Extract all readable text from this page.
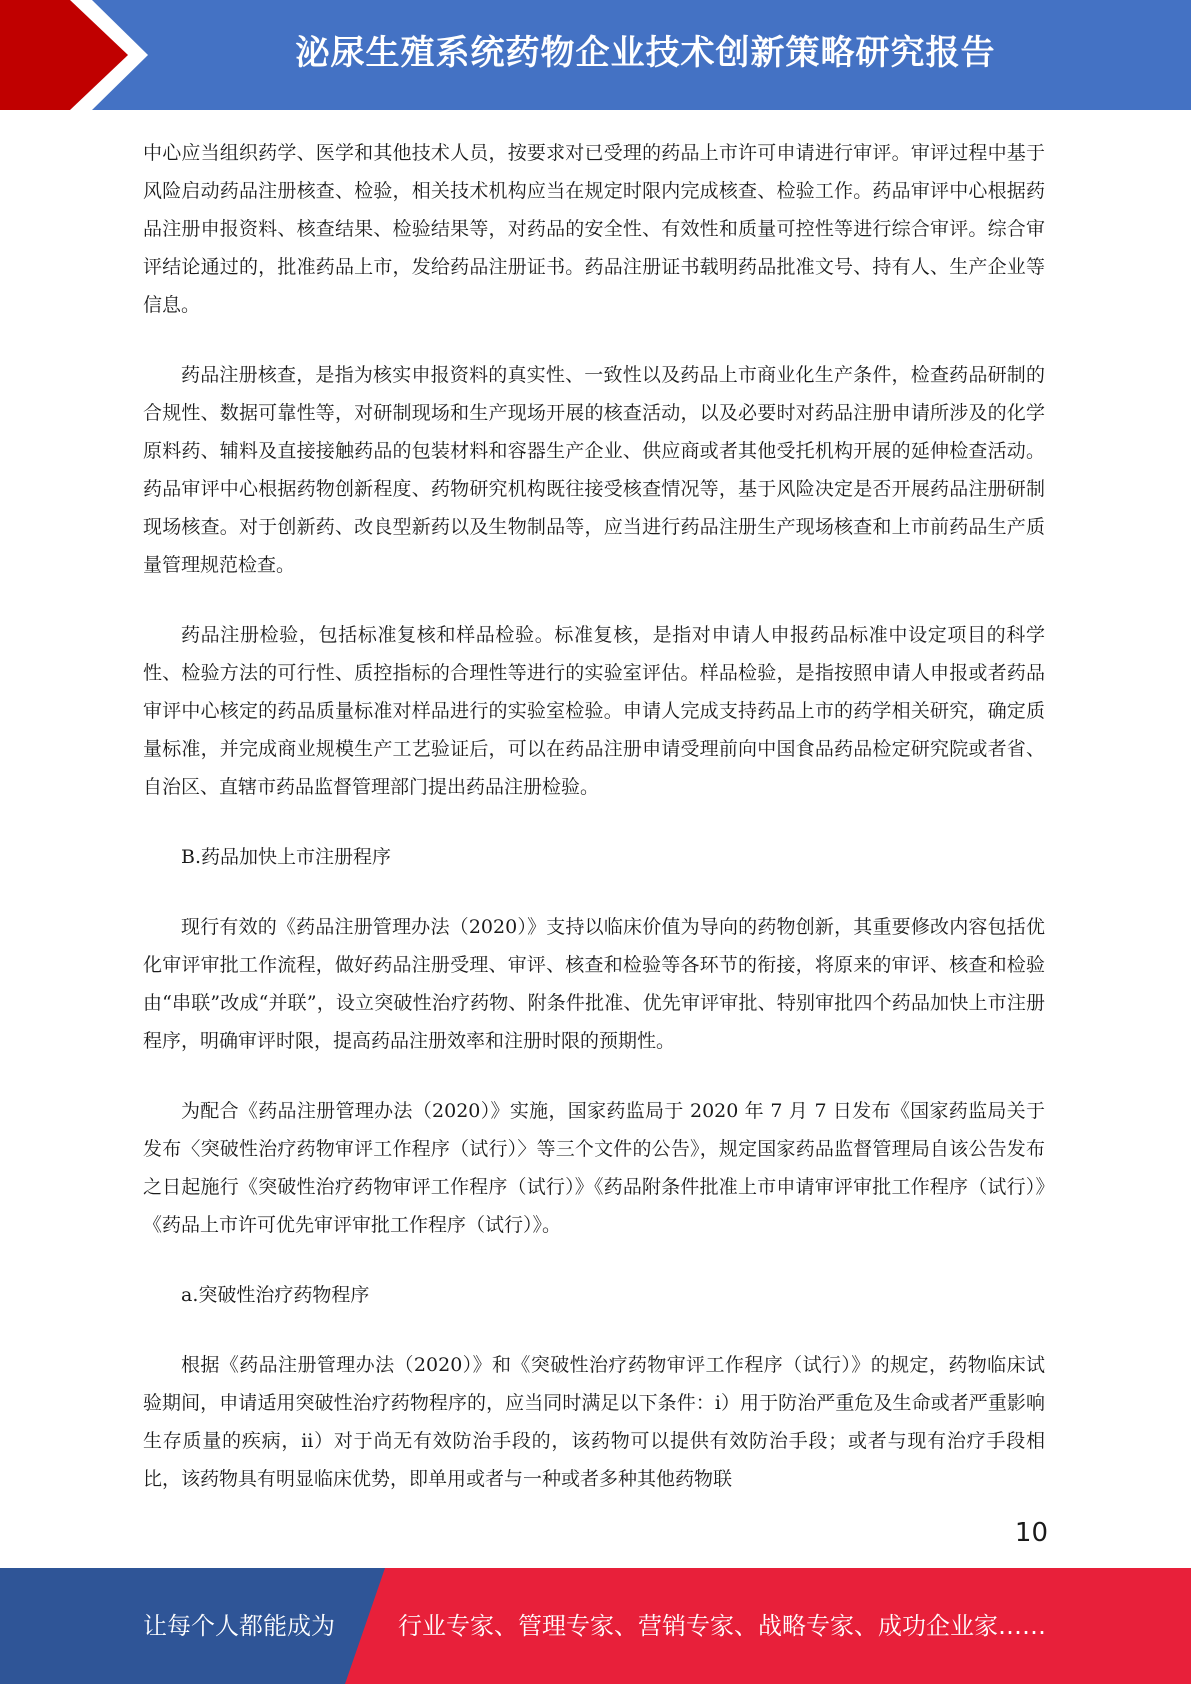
泌尿生殖系统药物企业技术创新策略研究报告

中心应当组织药学、医学和其他技术人员，按要求对已受理的药品上市许可申请进行审评。审评过程中基于风险启动药品注册核查、检验，相关技术机构应当在规定时限内完成核查、检验工作。药品审评中心根据药品注册申报资料、核查结果、检验结果等，对药品的安全性、有效性和质量可控性等进行综合审评。综合审评结论通过的，批准药品上市，发给药品注册证书。药品注册证书载明药品批准文号、持有人、生产企业等信息。

药品注册核查，是指为核实申报资料的真实性、一致性以及药品上市商业化生产条件，检查药品研制的合规性、数据可靠性等，对研制现场和生产现场开展的核查活动，以及必要时对药品注册申请所涉及的化学原料药、辅料及直接接触药品的包装材料和容器生产企业、供应商或者其他受托机构开展的延伸检查活动。药品审评中心根据药物创新程度、药物研究机构既往接受核查情况等，基于风险决定是否开展药品注册研制现场核查。对于创新药、改良型新药以及生物制品等，应当进行药品注册生产现场核查和上市前药品生产质量管理规范检查。

药品注册检验，包括标准复核和样品检验。标准复核，是指对申请人申报药品标准中设定项目的科学性、检验方法的可行性、质控指标的合理性等进行的实验室评估。样品检验，是指按照申请人申报或者药品审评中心核定的药品质量标准对样品进行的实验室检验。申请人完成支持药品上市的药学相关研究，确定质量标准，并完成商业规模生产工艺验证后，可以在药品注册申请受理前向中国食品药品检定研究院或者省、自治区、直辖市药品监督管理部门提出药品注册检验。

B.药品加快上市注册程序

现行有效的《药品注册管理办法（2020）》支持以临床价值为导向的药物创新，其重要修改内容包括优化审评审批工作流程，做好药品注册受理、审评、核查和检验等各环节的衔接，将原来的审评、核查和检验由“串联”改成“并联”，设立突破性治疗药物、附条件批准、优先审评审批、特别审批四个药品加快上市注册程序，明确审评时限，提高药品注册效率和注册时限的预期性。

为配合《药品注册管理办法（2020）》实施，国家药监局于 2020 年 7 月 7 日发布《国家药监局关于发布〈突破性治疗药物审评工作程序（试行）〉等三个文件的公告》，规定国家药品监督管理局自该公告发布之日起施行《突破性治疗药物审评工作程序（试行）》《药品附条件批准上市申请审评审批工作程序（试行）》《药品上市许可优先审评审批工作程序（试行）》。

a.突破性治疗药物程序

根据《药品注册管理办法（2020）》和《突破性治疗药物审评工作程序（试行）》的规定，药物临床试验期间，申请适用突破性治疗药物程序的，应当同时满足以下条件：i）用于防治严重危及生命或者严重影响生存质量的疾病，ii）对于尚无有效防治手段的，该药物可以提供有效防治手段；或者与现有治疗手段相比，该药物具有明显临床优势，即单用或者与一种或者多种其他药物联

10
让每个人都能成为	行业专家、管理专家、营销专家、战略专家、成功企业家……
